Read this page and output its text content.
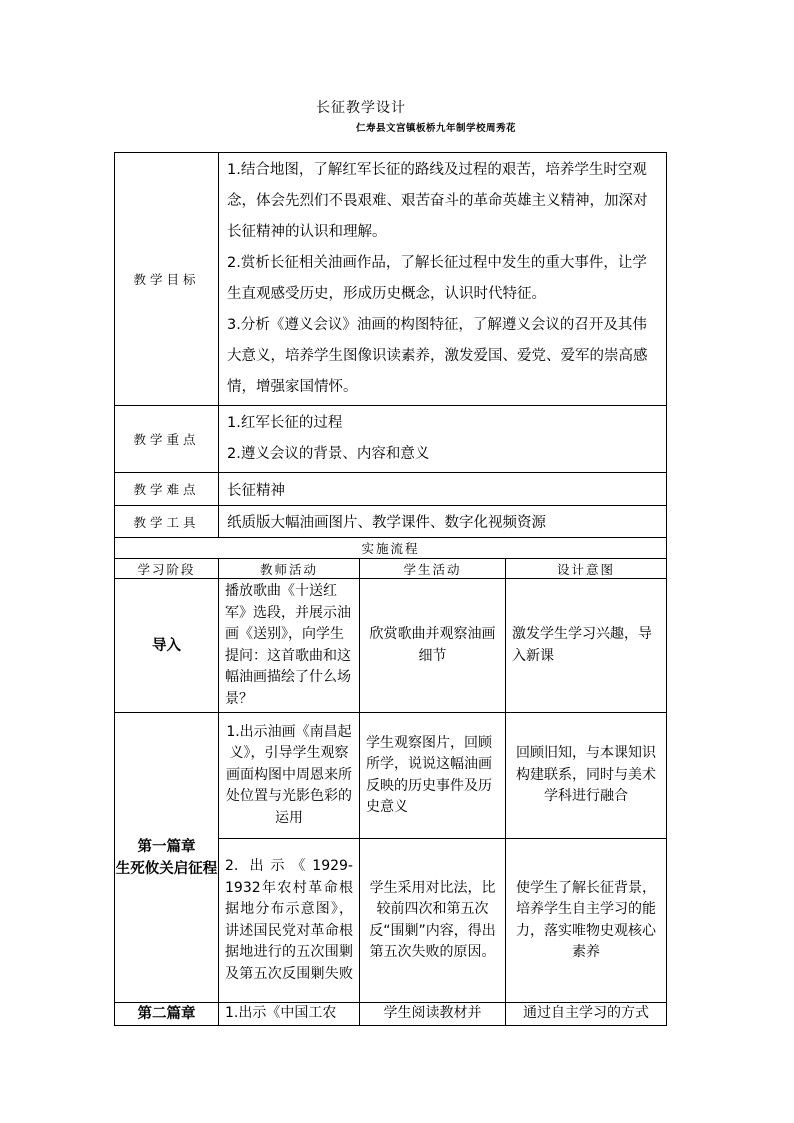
长征教学设计
仁寿县文宫镇板桥九年制学校周秀花
教学目标	1.结合地图，了解红军长征的路线及过程的艰苦，培养学生时空观念，体会先烈们不畏艰难、艰苦奋斗的革命英雄主义精神，加深对长征精神的认识和理解。

2.赏析长征相关油画作品，了解长征过程中发生的重大事件，让学生直观感受历史，形成历史概念，认识时代特征。

3.分析《遵义会议》油画的构图特征，了解遵义会议的召开及其伟大意义，培养学生图像识读素养，激发爱国、爱党、爱军的崇高感情，增强家国情怀。		

教学重点	1.红军长征的过程

2.遵义会议的背景、内容和意义		

教学难点	长征精神		
教学工具	纸质版大幅油画图片、教学课件、数字化视频资源		
实施流程			
学习阶段	教师活动	学生活动	设计意图
导入	播放歌曲《十送红军》选段，并展示油画《送别》，向学生提问：这首歌曲和这幅油画描绘了什么场景？	欣赏歌曲并观察油画细节	激发学生学习兴趣，导入新课
第一篇章
生死攸关启征程	1.出示油画《南昌起义》，引导学生观察画面构图中周恩来所处位置与光影色彩的运用	学生观察图片，回顾所学，说说这幅油画反映的历史事件及历史意义	回顾旧知，与本课知识构建联系，同时与美术学科进行融合
	2. 出示《1929-1932年农村革命根据地分布示意图》，讲述国民党对革命根据地进行的五次围剿及第五次反围剿失败	学生采用对比法，比较前四次和第五次反“围剿”内容，得出第五次失败的原因。	使学生了解长征背景，培养学生自主学习的能力，落实唯物史观核心素养
第二篇章	1.出示《中国工农	学生阅读教材并	通过自主学习的方式
